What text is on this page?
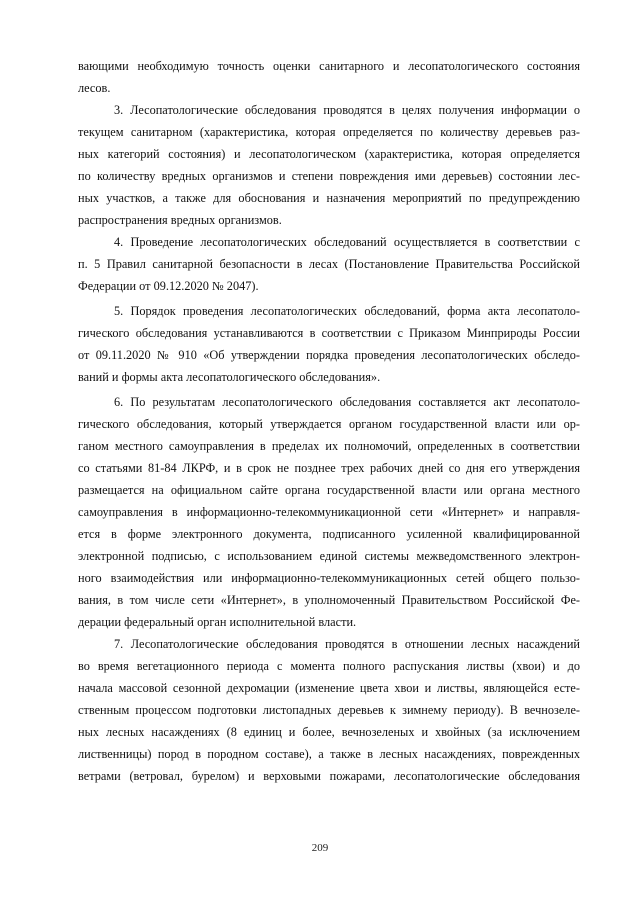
вающими необходимую точность оценки санитарного и лесопатологического состояния
лесов.
3. Лесопатологические обследования проводятся в целях получения информации о
текущем санитарном (характеристика, которая определяется по количеству деревьев раз-
ных категорий состояния) и лесопатологическом (характеристика, которая определяется
по количеству вредных организмов и степени повреждения ими деревьев) состоянии лес-
ных участков, а также для обоснования и назначения мероприятий по предупреждению
распространения вредных организмов.
4. Проведение лесопатологических обследований осуществляется в соответствии с
п. 5 Правил санитарной безопасности в лесах (Постановление Правительства Российской
Федерации от 09.12.2020 № 2047).
5. Порядок проведения лесопатологических обследований, форма акта лесопатоло-
гического обследования устанавливаются в соответствии с Приказом Минприроды России
от 09.11.2020 № 910 «Об утверждении порядка проведения лесопатологических обследо-
ваний и формы акта лесопатологического обследования».
6. По результатам лесопатологического обследования составляется акт лесопатоло-
гического обследования, который утверждается органом государственной власти или ор-
ганом местного самоуправления в пределах их полномочий, определенных в соответствии
со статьями 81-84 ЛКРФ, и в срок не позднее трех рабочих дней со дня его утверждения
размещается на официальном сайте органа государственной власти или органа местного
самоуправления в информационно-телекоммуникационной сети «Интернет» и направля-
ется в форме электронного документа, подписанного усиленной квалифицированной
электронной подписью, с использованием единой системы межведомственного электрон-
ного взаимодействия или информационно-телекоммуникационных сетей общего пользо-
вания, в том числе сети «Интернет», в уполномоченный Правительством Российской Фе-
дерации федеральный орган исполнительной власти.
7. Лесопатологические обследования проводятся в отношении лесных насаждений
во время вегетационного периода с момента полного распускания листвы (хвои) и до
начала массовой сезонной дехромации (изменение цвета хвои и листвы, являющейся есте-
ственным процессом подготовки листопадных деревьев к зимнему периоду). В вечнозеле-
ных лесных насаждениях (8 единиц и более, вечнозеленых и хвойных (за исключением
лиственницы) пород в породном составе), а также в лесных насаждениях, поврежденных
ветрами (ветровал, бурелом) и верховыми пожарами, лесопатологические обследования
209
